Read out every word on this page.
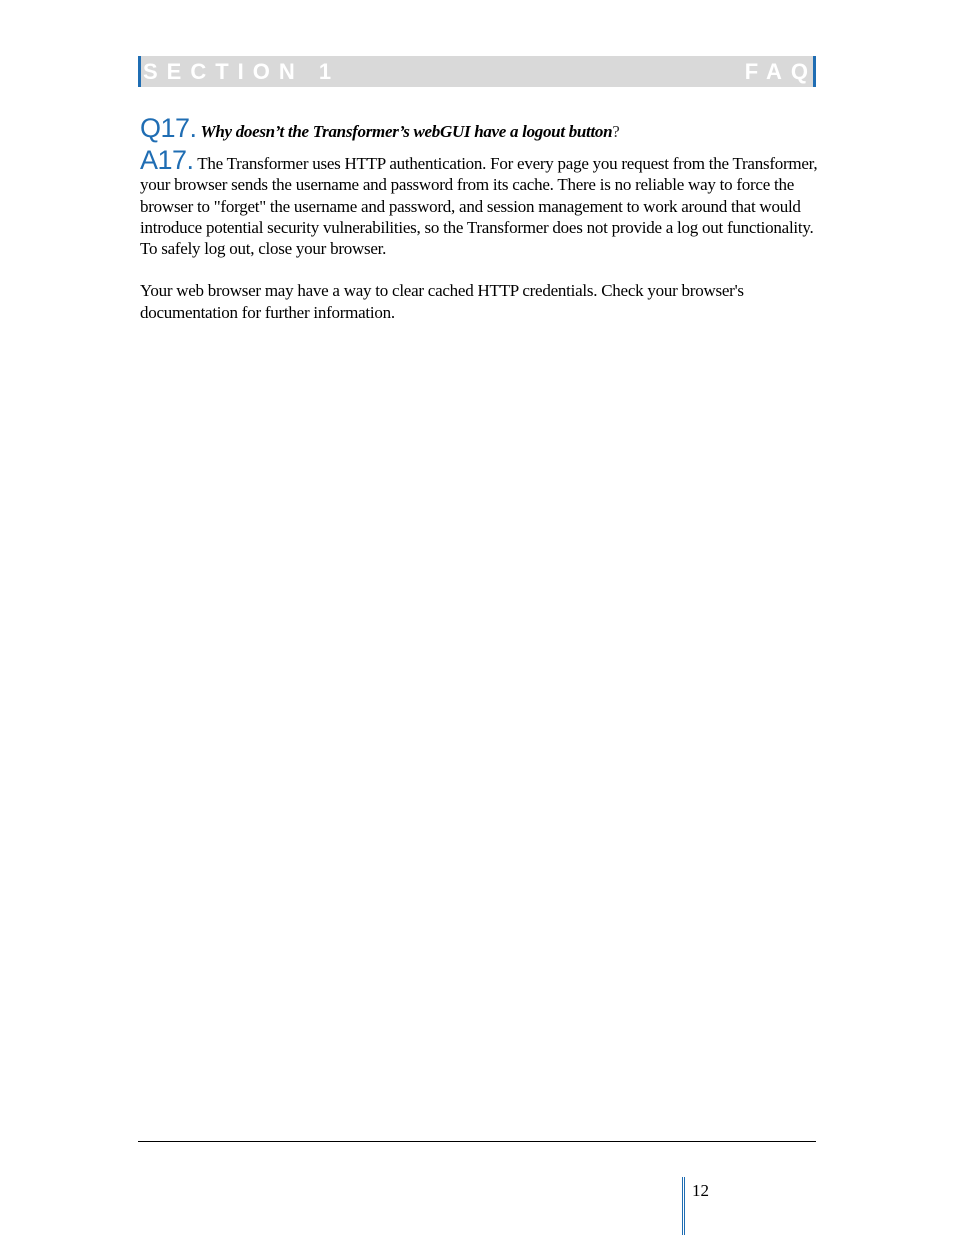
SECTION 1	FAQ
Q17. Why doesn’t the Transformer’s webGUI have a logout button?

A17. The Transformer uses HTTP authentication. For every page you request from the Transformer, your browser sends the username and password from its cache. There is no reliable way to force the browser to "forget" the username and password, and session management to work around that would introduce potential security vulnerabilities, so the Transformer does not provide a log out functionality. To safely log out, close your browser.

Your web browser may have a way to clear cached HTTP credentials. Check your browser's documentation for further information.

12
